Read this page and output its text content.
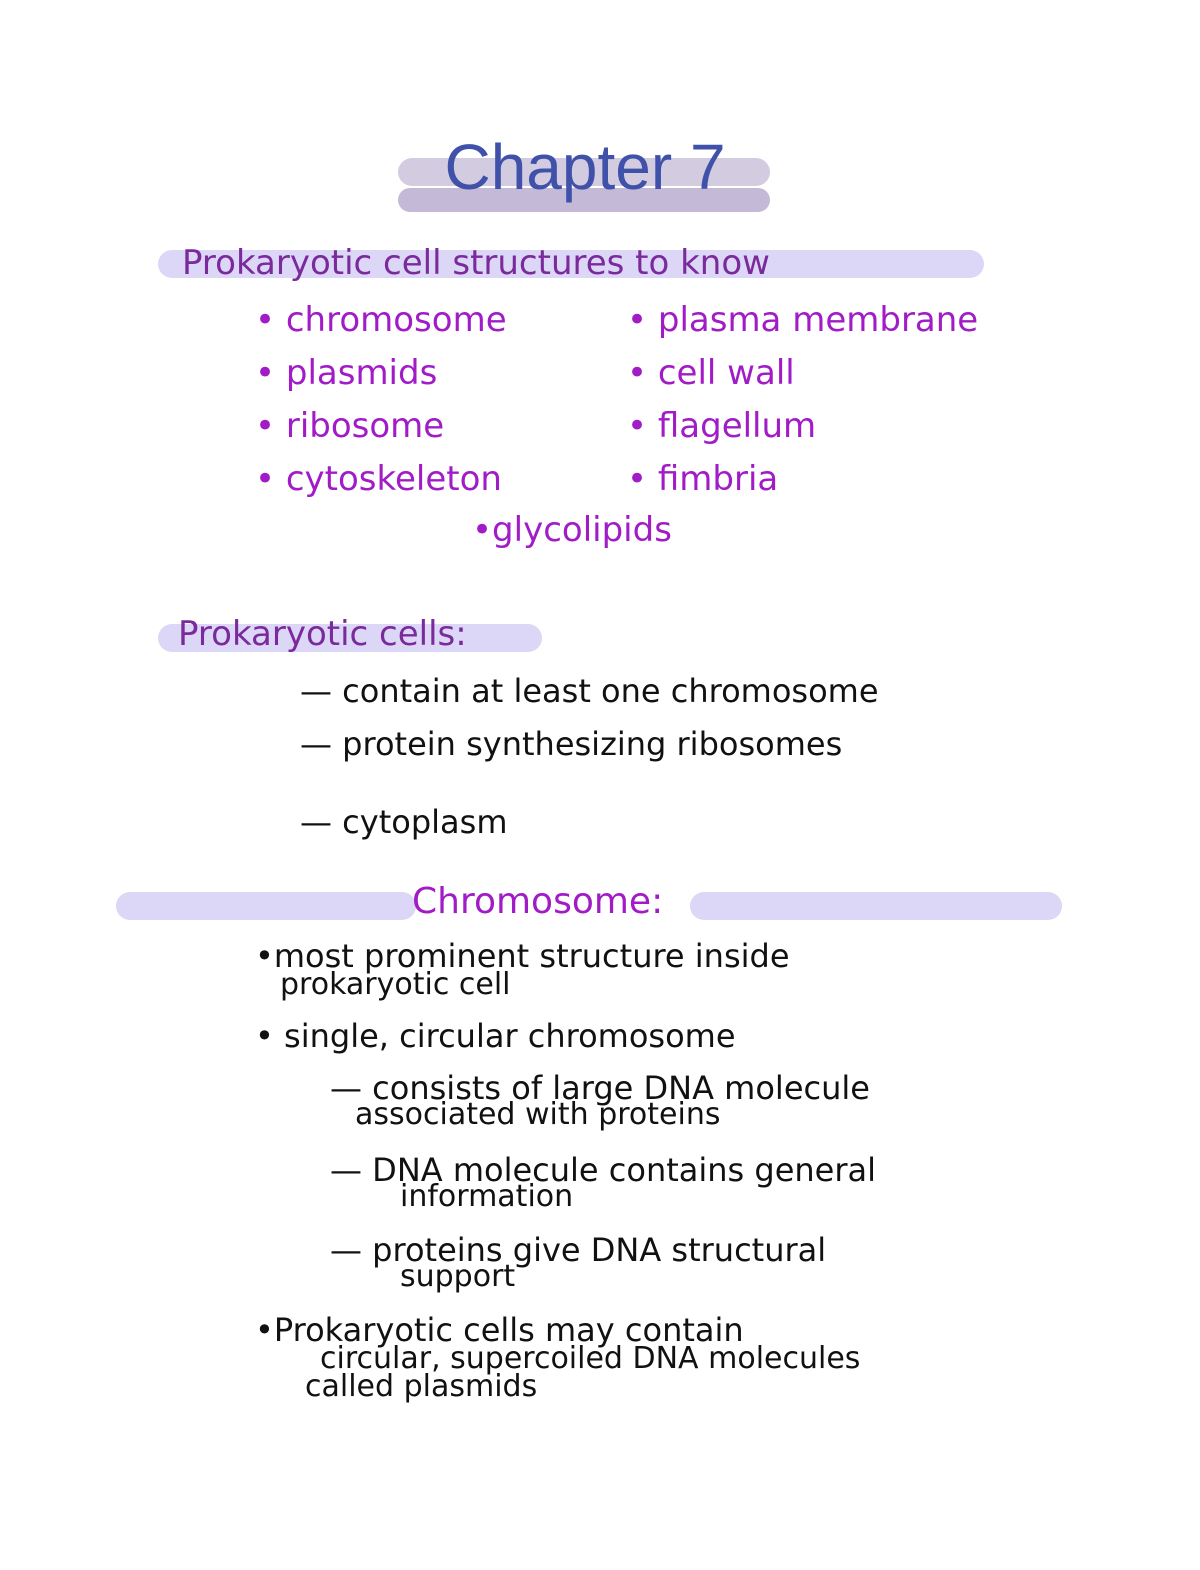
Chapter 7
Prokaryotic cell structures to know
• chromosome
• plasmids
• ribosome
• cytoskeleton
• plasma membrane
• cell wall
• flagellum
• fimbria
•glycolipids
Prokaryotic cells:
— contain at least one chromosome
— protein synthesizing ribosomes
— cytoplasm
Chromosome:
•most prominent structure inside
prokaryotic cell
• single, circular chromosome
— consists of large DNA molecule
associated with proteins
— DNA molecule contains general
information
— proteins give DNA structural
support
•Prokaryotic cells may contain
circular, supercoiled DNA molecules
called plasmids
